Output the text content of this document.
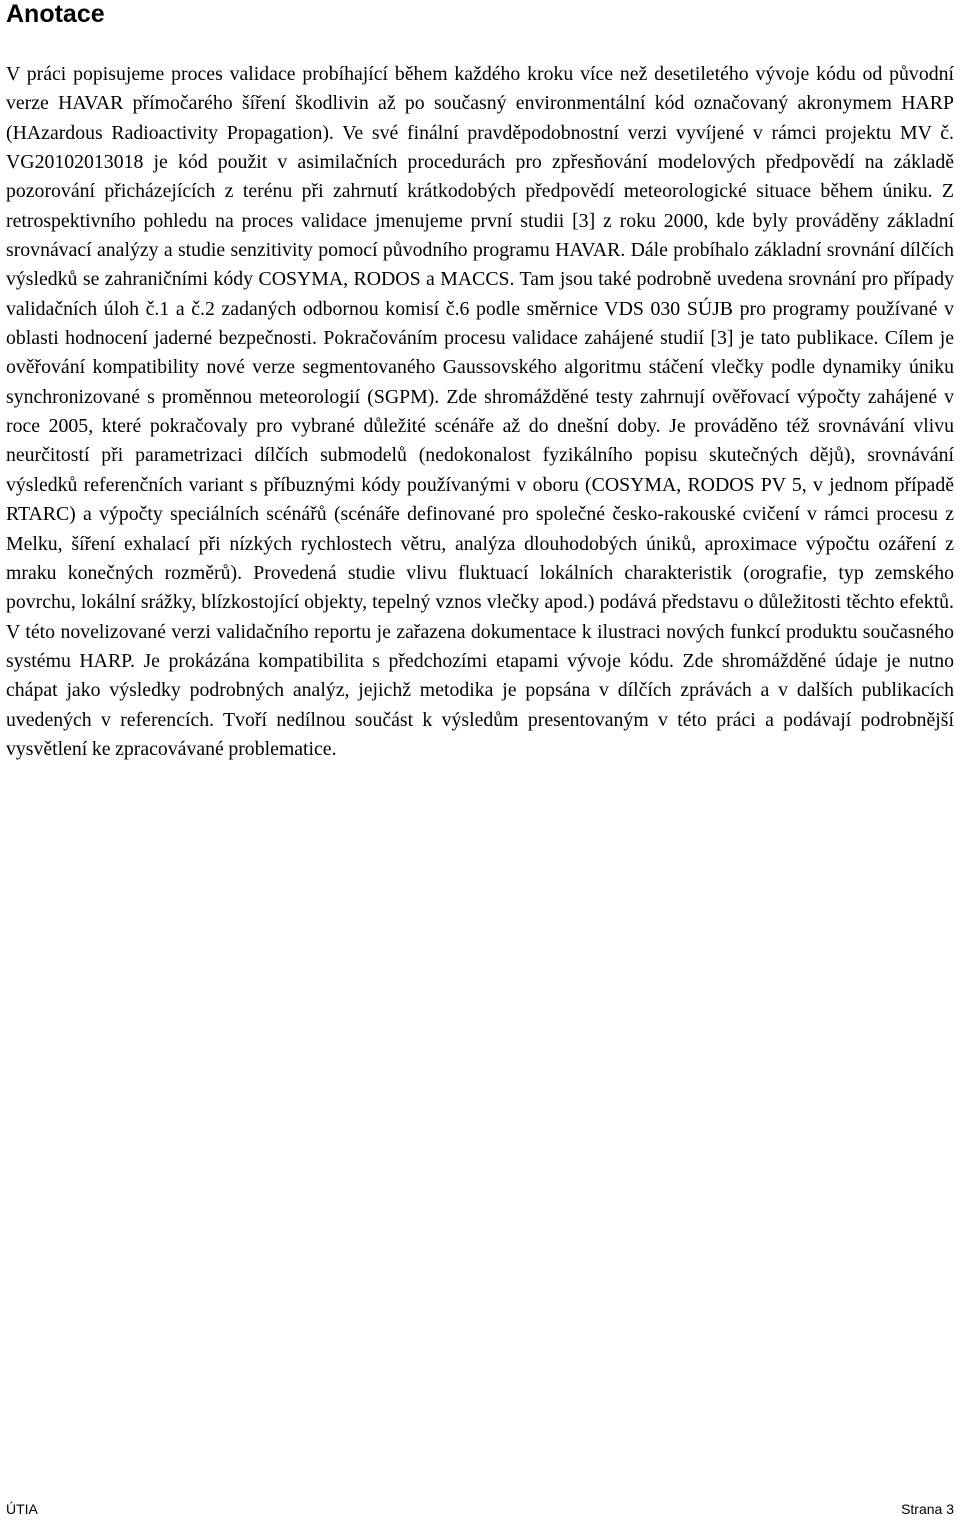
Anotace

V práci popisujeme proces validace probíhající během každého kroku více než desetiletého vývoje kódu od původní verze HAVAR přímočarého šíření škodlivin až po současný environmentální kód označovaný akronymem HARP (HAzardous Radioactivity Propagation). Ve své finální pravděpodobnostní verzi vyvíjené v rámci projektu MV č. VG20102013018 je kód použit v asimilačních procedurách pro zpřesňování modelových předpovědí na základě pozorování přicházejících z terénu při zahrnutí krátkodobých předpovědí meteorologické situace během úniku. Z retrospektivního pohledu na proces validace jmenujeme první studii [3] z roku 2000, kde byly prováděny základní srovnávací analýzy a studie senzitivity pomocí původního programu HAVAR. Dále probíhalo základní srovnání dílčích výsledků se zahraničními kódy COSYMA, RODOS a MACCS. Tam jsou také podrobně uvedena srovnání pro případy validačních úloh č.1 a č.2 zadaných odbornou komisí č.6 podle směrnice VDS 030 SÚJB pro programy používané v oblasti hodnocení jaderné bezpečnosti. Pokračováním procesu validace zahájené studií [3] je tato publikace. Cílem je ověřování kompatibility nové verze segmentovaného Gaussovského algoritmu stáčení vlečky podle dynamiky úniku synchronizované s proměnnou meteorologií (SGPM). Zde shromážděné testy zahrnují ověřovací výpočty zahájené v roce 2005, které pokračovaly pro vybrané důležité scénáře až do dnešní doby. Je prováděno též srovnávání vlivu neurčitostí při parametrizaci dílčích submodelů (nedokonalost fyzikálního popisu skutečných dějů), srovnávání výsledků referenčních variant s příbuznými kódy používanými v oboru (COSYMA, RODOS PV 5, v jednom případě RTARC) a výpočty speciálních scénářů (scénáře definované pro společné česko-rakouské cvičení v rámci procesu z Melku, šíření exhalací při nízkých rychlostech větru, analýza dlouhodobých úniků, aproximace výpočtu ozáření z mraku konečných rozměrů). Provedená studie vlivu fluktuací lokálních charakteristik (orografie, typ zemského povrchu, lokální srážky, blízkostojící objekty, tepelný vznos vlečky apod.) podává představu o důležitosti těchto efektů. V této novelizované verzi validačního reportu je zařazena dokumentace k ilustraci nových funkcí produktu současného systému HARP. Je prokázána kompatibilita s předchozími etapami vývoje kódu. Zde shromážděné údaje je nutno chápat jako výsledky podrobných analýz, jejichž metodika je popsána v dílčích zprávách a v dalších publikacích uvedených v referencích. Tvoří nedílnou součást k výsledům presentovaným v této práci a podávají podrobnější vysvětlení ke zpracovávané problematice.

ÚTIA	Strana 3
